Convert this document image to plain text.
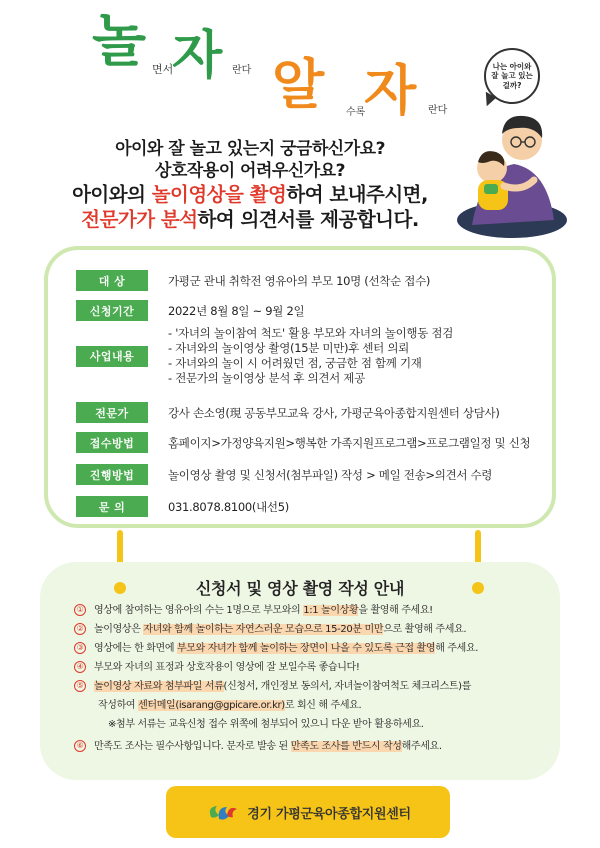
놀 면서
자 란다 알 수록
자 란다
나는 아이와 잘 놀고 있는걸까?
아이와 잘 놀고 있는지 궁금하신가요?
상호작용이 어려우신가요?
아이와의 놀이영상을 촬영하여 보내주시면,
전문가가 분석하여 의견서를 제공합니다.
대 상	가평군 관내 취학전 영유아의 부모 10명 (선착순 접수)
신청기간	2022년 8월 8일 ~ 9월 2일
사업내용
- '자녀의 놀이참여 척도' 활용 부모와 자녀의 놀이행동 점검
- 자녀와의 놀이영상 촬영(15분 미만)후 센터 의뢰
- 자녀와의 놀이 시 어려웠던 점, 궁금한 점 함께 기재
- 전문가의 놀이영상 분석 후 의견서 제공
전문가	강사 손소영(現 공동부모교육 강사, 가평군육아종합지원센터 상담사)
접수방법	홈페이지>가정양육지원>행복한 가족지원프로그램>프로그램일정 및 신청
진행방법	놀이영상 촬영 및 신청서(첨부파일) 작성 > 메일 전송>의견서 수령
문 의	031.8078.8100(내선5)
신청서 및 영상 촬영 작성 안내
① 영상에 참여하는 영유아의 수는 1명으로 부모와의 1:1 놀이상황을 촬영해 주세요!
② 놀이영상은 자녀와 함께 놀이하는 자연스러운 모습으로 15-20분 미만으로 촬영해 주세요.
③ 영상에는 한 화면에 부모와 자녀가 함께 놀이하는 장면이 나올 수 있도록 근접 촬영해 주세요.
④ 부모와 자녀의 표정과 상호작용이 영상에 잘 보일수록 좋습니다!
⑤ 놀이영상 자료와 첨부파일 서류(신청서, 개인정보 동의서, 자녀놀이참여척도 체크리스트)를
작성하여 센터메일(isarang@gpicare.or.kr)로 회신 해 주세요.
※첨부 서류는 교육신청 접수 위쪽에 첨부되어 있으니 다운 받아 활용하세요.
⑥ 만족도 조사는 필수사항입니다. 문자로 발송 된 만족도 조사를 반드시 작성해주세요.
경기 가평군육아종합지원센터
